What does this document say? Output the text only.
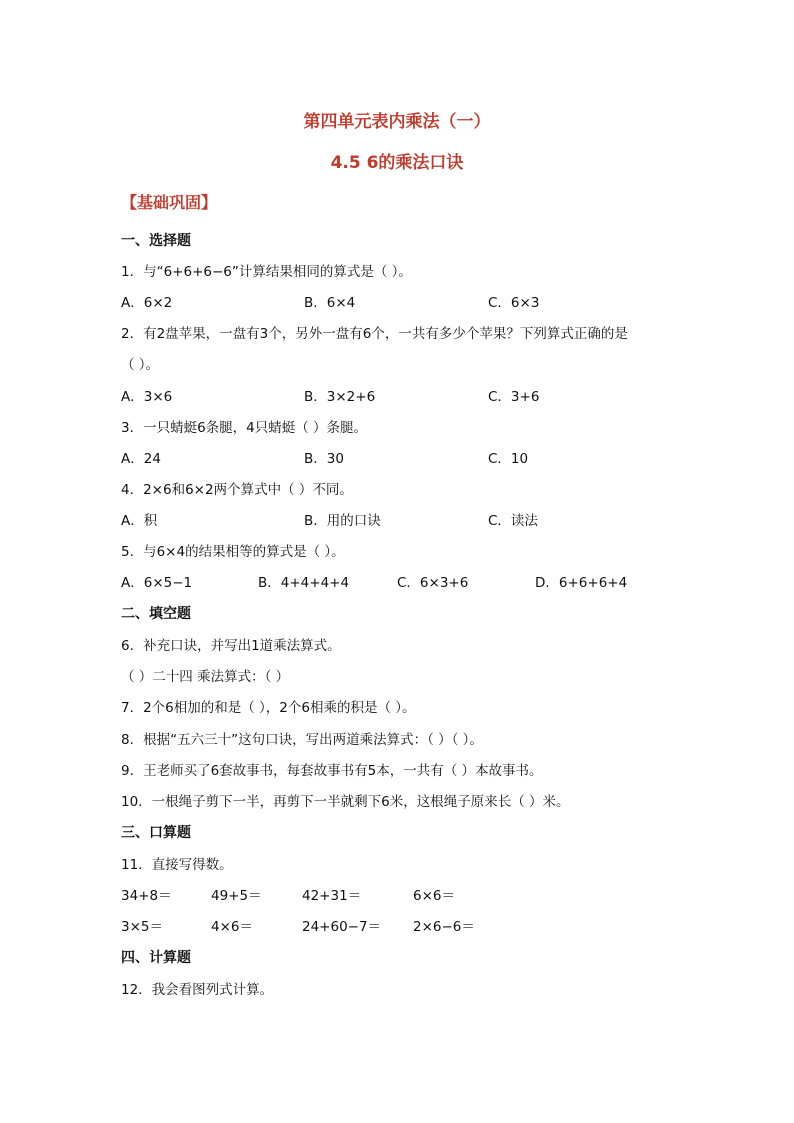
第四单元表内乘法（一）
4.5 6的乘法口诀
【基础巩固】
一、选择题
1．与“6+6+6−6”计算结果相同的算式是（ ）。
A．6×2	B．6×4	C．6×3
2．有2盘苹果，一盘有3个，另外一盘有6个，一共有多少个苹果？下列算式正确的是
（ ）。
A．3×6	B．3×2+6	C．3+6
3．一只蜻蜓6条腿，4只蜻蜓（ ）条腿。
A．24	B．30	C．10
4．2×6和6×2两个算式中（ ）不同。
A．积	B．用的口诀	C．读法
5．与6×4的结果相等的算式是（ ）。
A．6×5−1	B．4+4+4+4	C．6×3+6	D．6+6+6+4
二、填空题
6．补充口诀，并写出1道乘法算式。
（ ）二十四 乘法算式：（ ）
7．2个6相加的和是（ ），2个6相乘的积是（ ）。
8．根据“五六三十”这句口诀，写出两道乘法算式：（ ）（ ）。
9．王老师买了6套故事书，每套故事书有5本，一共有（ ）本故事书。
10．一根绳子剪下一半，再剪下一半就剩下6米，这根绳子原来长（ ）米。
三、口算题
11．直接写得数。
34+8＝	49+5＝	42+31＝	6×6＝
3×5＝	4×6＝	24+60−7＝ 2×6−6＝
四、计算题
12．我会看图列式计算。
